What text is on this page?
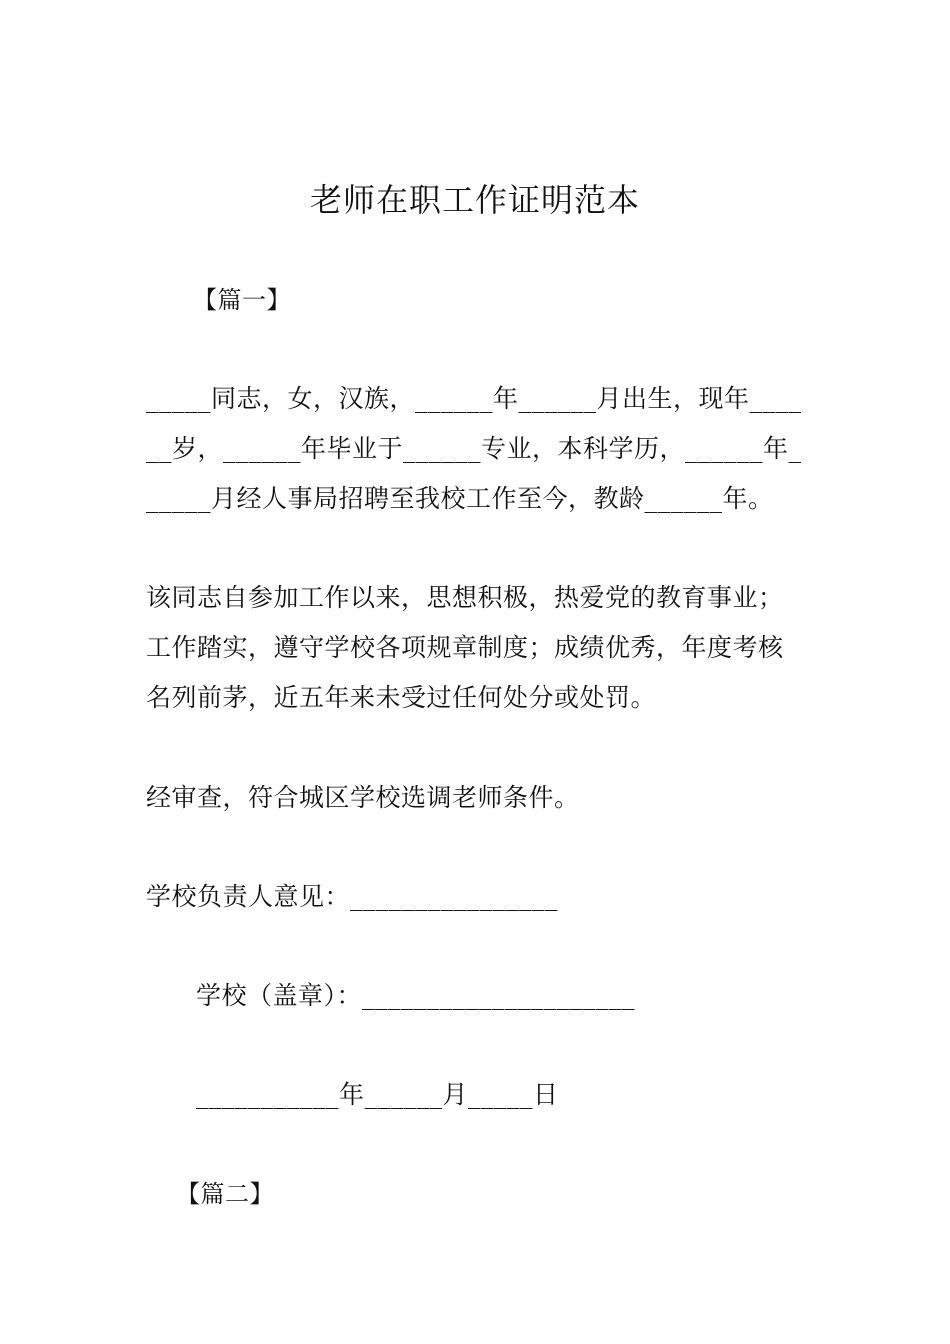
老师在职工作证明范本
【篇一】
_____同志，女，汉族，______年______月出生，现年____
__岁，______年毕业于______专业，本科学历，______年_
_____月经人事局招聘至我校工作至今，教龄______年。
该同志自参加工作以来，思想积极，热爱党的教育事业；
工作踏实，遵守学校各项规章制度；成绩优秀，年度考核
名列前茅，近五年来未受过任何处分或处罚。
经审查，符合城区学校选调老师条件。
学校负责人意见：________________
学校（盖章）：_____________________
___________年______月_____日
【篇二】
